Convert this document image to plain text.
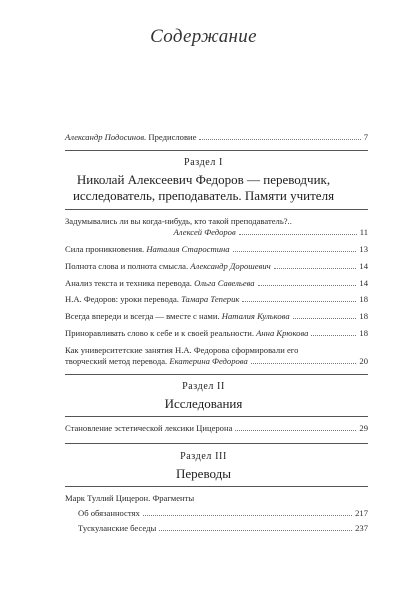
Содержание
Александр Подосинов. Предисловие	7
Раздел I
Николай Алексеевич Федоров — переводчик,
исследователь, преподаватель. Памяти учителя
Задумывались ли вы когда-нибудь, кто такой преподаватель?..
Алексей Федоров	11
Сила проникновения. Наталия Старостина	13
Полнота слова и полнота смысла. Александр Дорошевич	14
Анализ текста и техника перевода. Ольга Савельева	14
Н.А. Федоров: уроки перевода. Тамара Теперик	18
Всегда впереди и всегда — вместе с нами. Наталия Кулькова	18
Приноравливать слово к себе и к своей реальности. Анна Крюкова	18
Как университетские занятия Н.А. Федорова сформировали его
творческий метод перевода. Екатерина Федорова	20
Раздел II
Исследования
Становление эстетической лексики Цицерона	29
Раздел III
Переводы
Марк Туллий Цицерон. Фрагменты
Об обязанностях	217
Тускуланские беседы	237
